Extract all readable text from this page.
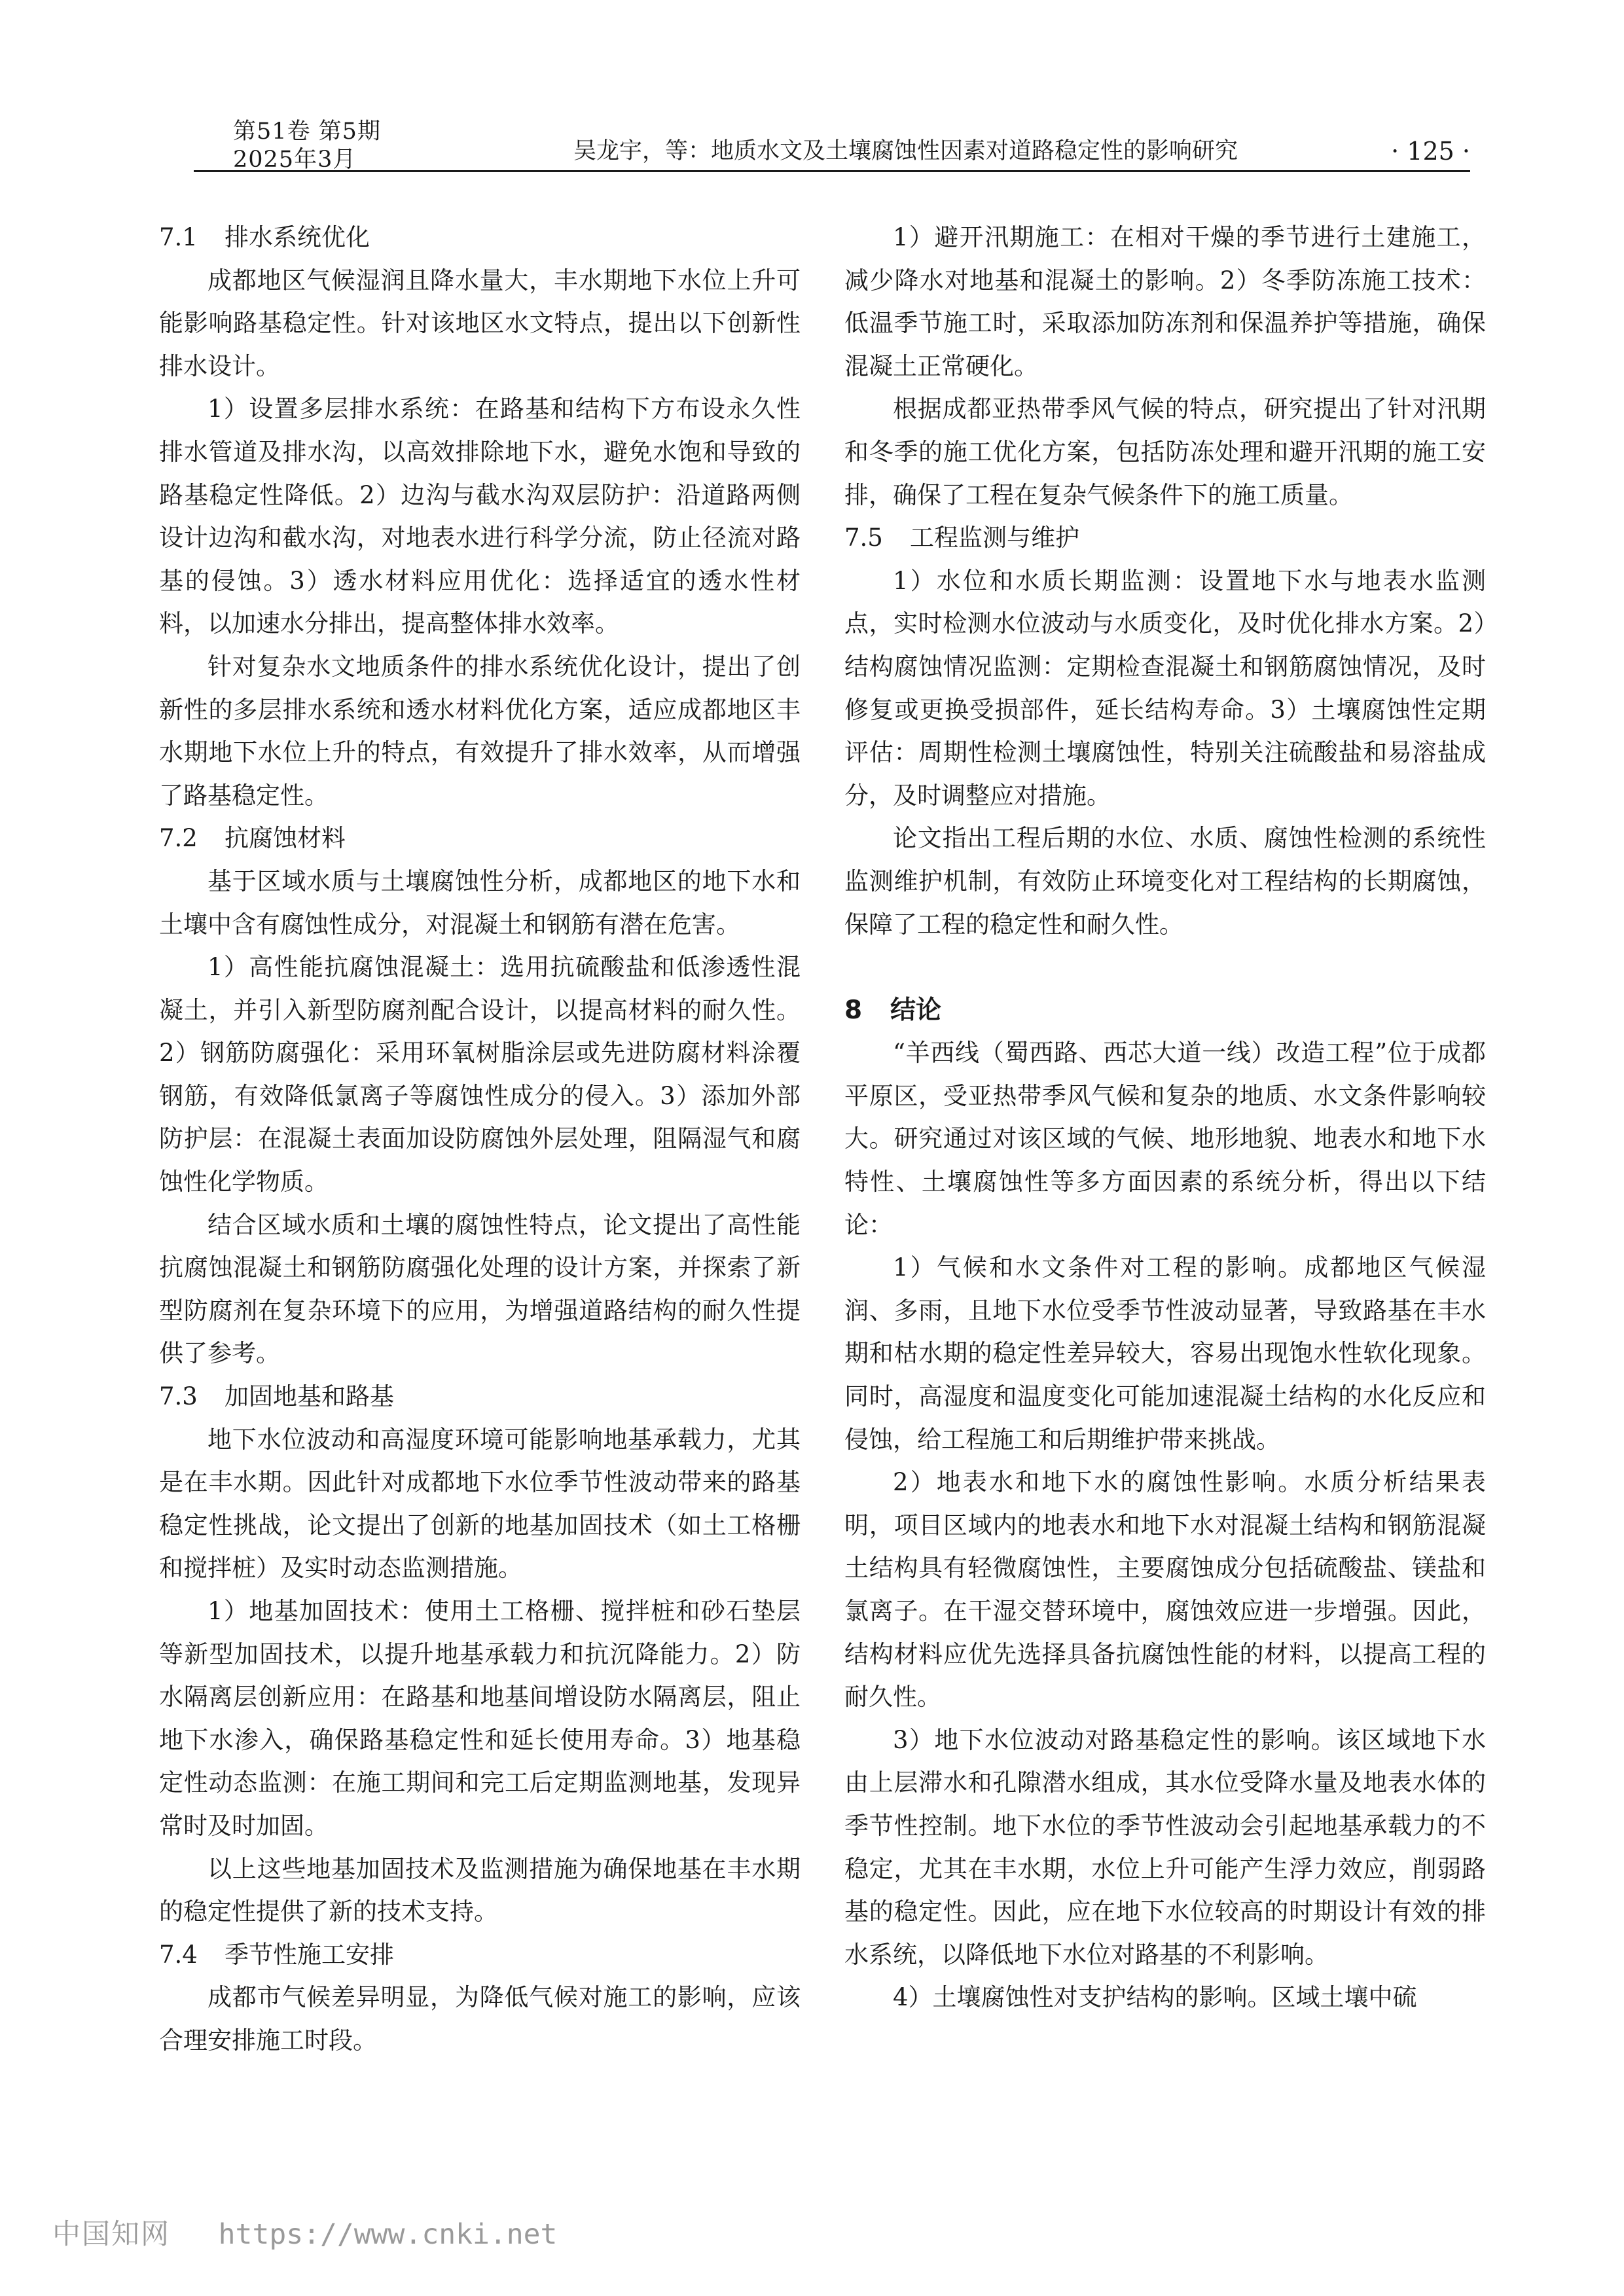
第51卷 第5期
2025年3月	吴龙宇，等：地质水文及土壤腐蚀性因素对道路稳定性的影响研究	· 125 ·
7.1 排水系统优化

成都地区气候湿润且降水量大，丰水期地下水位上升可能影响路基稳定性。针对该地区水文特点，提出以下创新性排水设计。

1）设置多层排水系统：在路基和结构下方布设永久性排水管道及排水沟，以高效排除地下水，避免水饱和导致的路基稳定性降低。2）边沟与截水沟双层防护：沿道路两侧设计边沟和截水沟，对地表水进行科学分流，防止径流对路基的侵蚀。3）透水材料应用优化：选择适宜的透水性材料，以加速水分排出，提高整体排水效率。

针对复杂水文地质条件的排水系统优化设计，提出了创新性的多层排水系统和透水材料优化方案，适应成都地区丰水期地下水位上升的特点，有效提升了排水效率，从而增强了路基稳定性。

7.2 抗腐蚀材料

基于区域水质与土壤腐蚀性分析，成都地区的地下水和土壤中含有腐蚀性成分，对混凝土和钢筋有潜在危害。

1）高性能抗腐蚀混凝土：选用抗硫酸盐和低渗透性混凝土，并引入新型防腐剂配合设计，以提高材料的耐久性。2）钢筋防腐强化：采用环氧树脂涂层或先进防腐材料涂覆钢筋，有效降低氯离子等腐蚀性成分的侵入。3）添加外部防护层：在混凝土表面加设防腐蚀外层处理，阻隔湿气和腐蚀性化学物质。

结合区域水质和土壤的腐蚀性特点，论文提出了高性能抗腐蚀混凝土和钢筋防腐强化处理的设计方案，并探索了新型防腐剂在复杂环境下的应用，为增强道路结构的耐久性提供了参考。

7.3 加固地基和路基

地下水位波动和高湿度环境可能影响地基承载力，尤其是在丰水期。因此针对成都地下水位季节性波动带来的路基稳定性挑战，论文提出了创新的地基加固技术（如土工格栅和搅拌桩）及实时动态监测措施。

1）地基加固技术：使用土工格栅、搅拌桩和砂石垫层等新型加固技术，以提升地基承载力和抗沉降能力。2）防水隔离层创新应用：在路基和地基间增设防水隔离层，阻止地下水渗入，确保路基稳定性和延长使用寿命。3）地基稳定性动态监测：在施工期间和完工后定期监测地基，发现异常时及时加固。

以上这些地基加固技术及监测措施为确保地基在丰水期的稳定性提供了新的技术支持。

7.4 季节性施工安排

成都市气候差异明显，为降低气候对施工的影响，应该合理安排施工时段。

1）避开汛期施工：在相对干燥的季节进行土建施工，减少降水对地基和混凝土的影响。2）冬季防冻施工技术：低温季节施工时，采取添加防冻剂和保温养护等措施，确保混凝土正常硬化。

根据成都亚热带季风气候的特点，研究提出了针对汛期和冬季的施工优化方案，包括防冻处理和避开汛期的施工安排，确保了工程在复杂气候条件下的施工质量。

7.5 工程监测与维护

1）水位和水质长期监测：设置地下水与地表水监测点，实时检测水位波动与水质变化，及时优化排水方案。2）结构腐蚀情况监测：定期检查混凝土和钢筋腐蚀情况，及时修复或更换受损部件，延长结构寿命。3）土壤腐蚀性定期评估：周期性检测土壤腐蚀性，特别关注硫酸盐和易溶盐成分，及时调整应对措施。

论文指出工程后期的水位、水质、腐蚀性检测的系统性监测维护机制，有效防止环境变化对工程结构的长期腐蚀，保障了工程的稳定性和耐久性。

8 结论

“羊西线（蜀西路、西芯大道一线）改造工程”位于成都平原区，受亚热带季风气候和复杂的地质、水文条件影响较大。研究通过对该区域的气候、地形地貌、地表水和地下水特性、土壤腐蚀性等多方面因素的系统分析，得出以下结论：

1）气候和水文条件对工程的影响。成都地区气候湿润、多雨，且地下水位受季节性波动显著，导致路基在丰水期和枯水期的稳定性差异较大，容易出现饱水性软化现象。同时，高湿度和温度变化可能加速混凝土结构的水化反应和侵蚀，给工程施工和后期维护带来挑战。

2）地表水和地下水的腐蚀性影响。水质分析结果表明，项目区域内的地表水和地下水对混凝土结构和钢筋混凝土结构具有轻微腐蚀性，主要腐蚀成分包括硫酸盐、镁盐和氯离子。在干湿交替环境中，腐蚀效应进一步增强。因此，结构材料应优先选择具备抗腐蚀性能的材料，以提高工程的耐久性。

3）地下水位波动对路基稳定性的影响。该区域地下水由上层滞水和孔隙潜水组成，其水位受降水量及地表水体的季节性控制。地下水位的季节性波动会引起地基承载力的不稳定，尤其在丰水期，水位上升可能产生浮力效应，削弱路基的稳定性。因此，应在地下水位较高的时期设计有效的排水系统，以降低地下水位对路基的不利影响。

4）土壤腐蚀性对支护结构的影响。区域土壤中硫

中国知网 https://www.cnki.net
